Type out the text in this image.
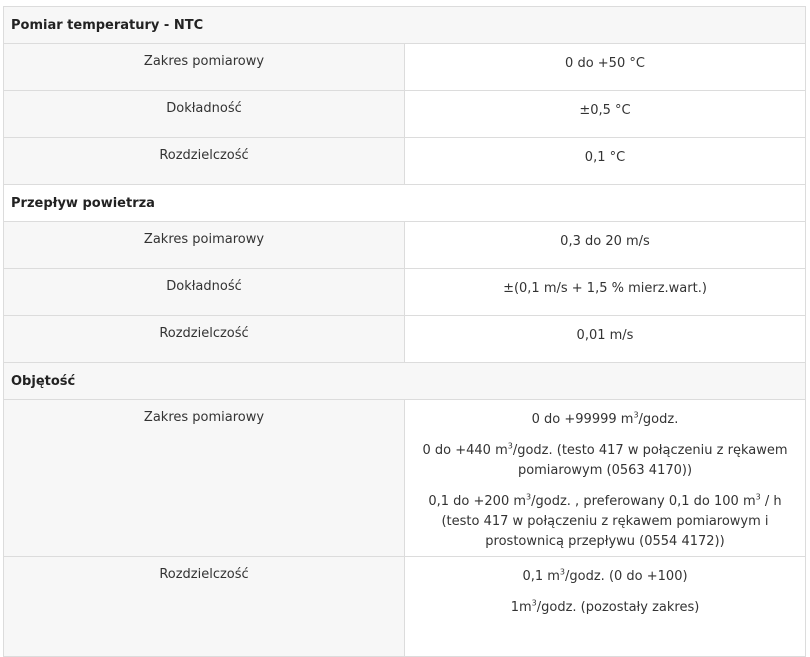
Pomiar temperatury - NTC	

Zakres pomiarowy	0 do +50 °C

Dokładność	±0,5 °C

Rozdzielczość	0,1 °C

Przepływ powietrza	

Zakres poimarowy	0,3 do 20 m/s

Dokładność	±(0,1 m/s + 1,5 % mierz.wart.)

Rozdzielczość	0,01 m/s

Objętość	

Zakres pomiarowy	0 do +99999 $m^3$/godz.
0 do +440 $m^3$/godz. (testo 417 w połączeniu z rękawem pomiarowym (0563 4170))
0,1 do +200 $m^3$/godz. , preferowany 0,1 do 100 $m^3$ / h (testo 417 w połączeniu z rękawem pomiarowym i prostownicą przepływu (0554 4172))

Rozdzielczość	0,1 $m^3$/godz. (0 do +100)
$1m^3$/godz. (pozostały zakres)
